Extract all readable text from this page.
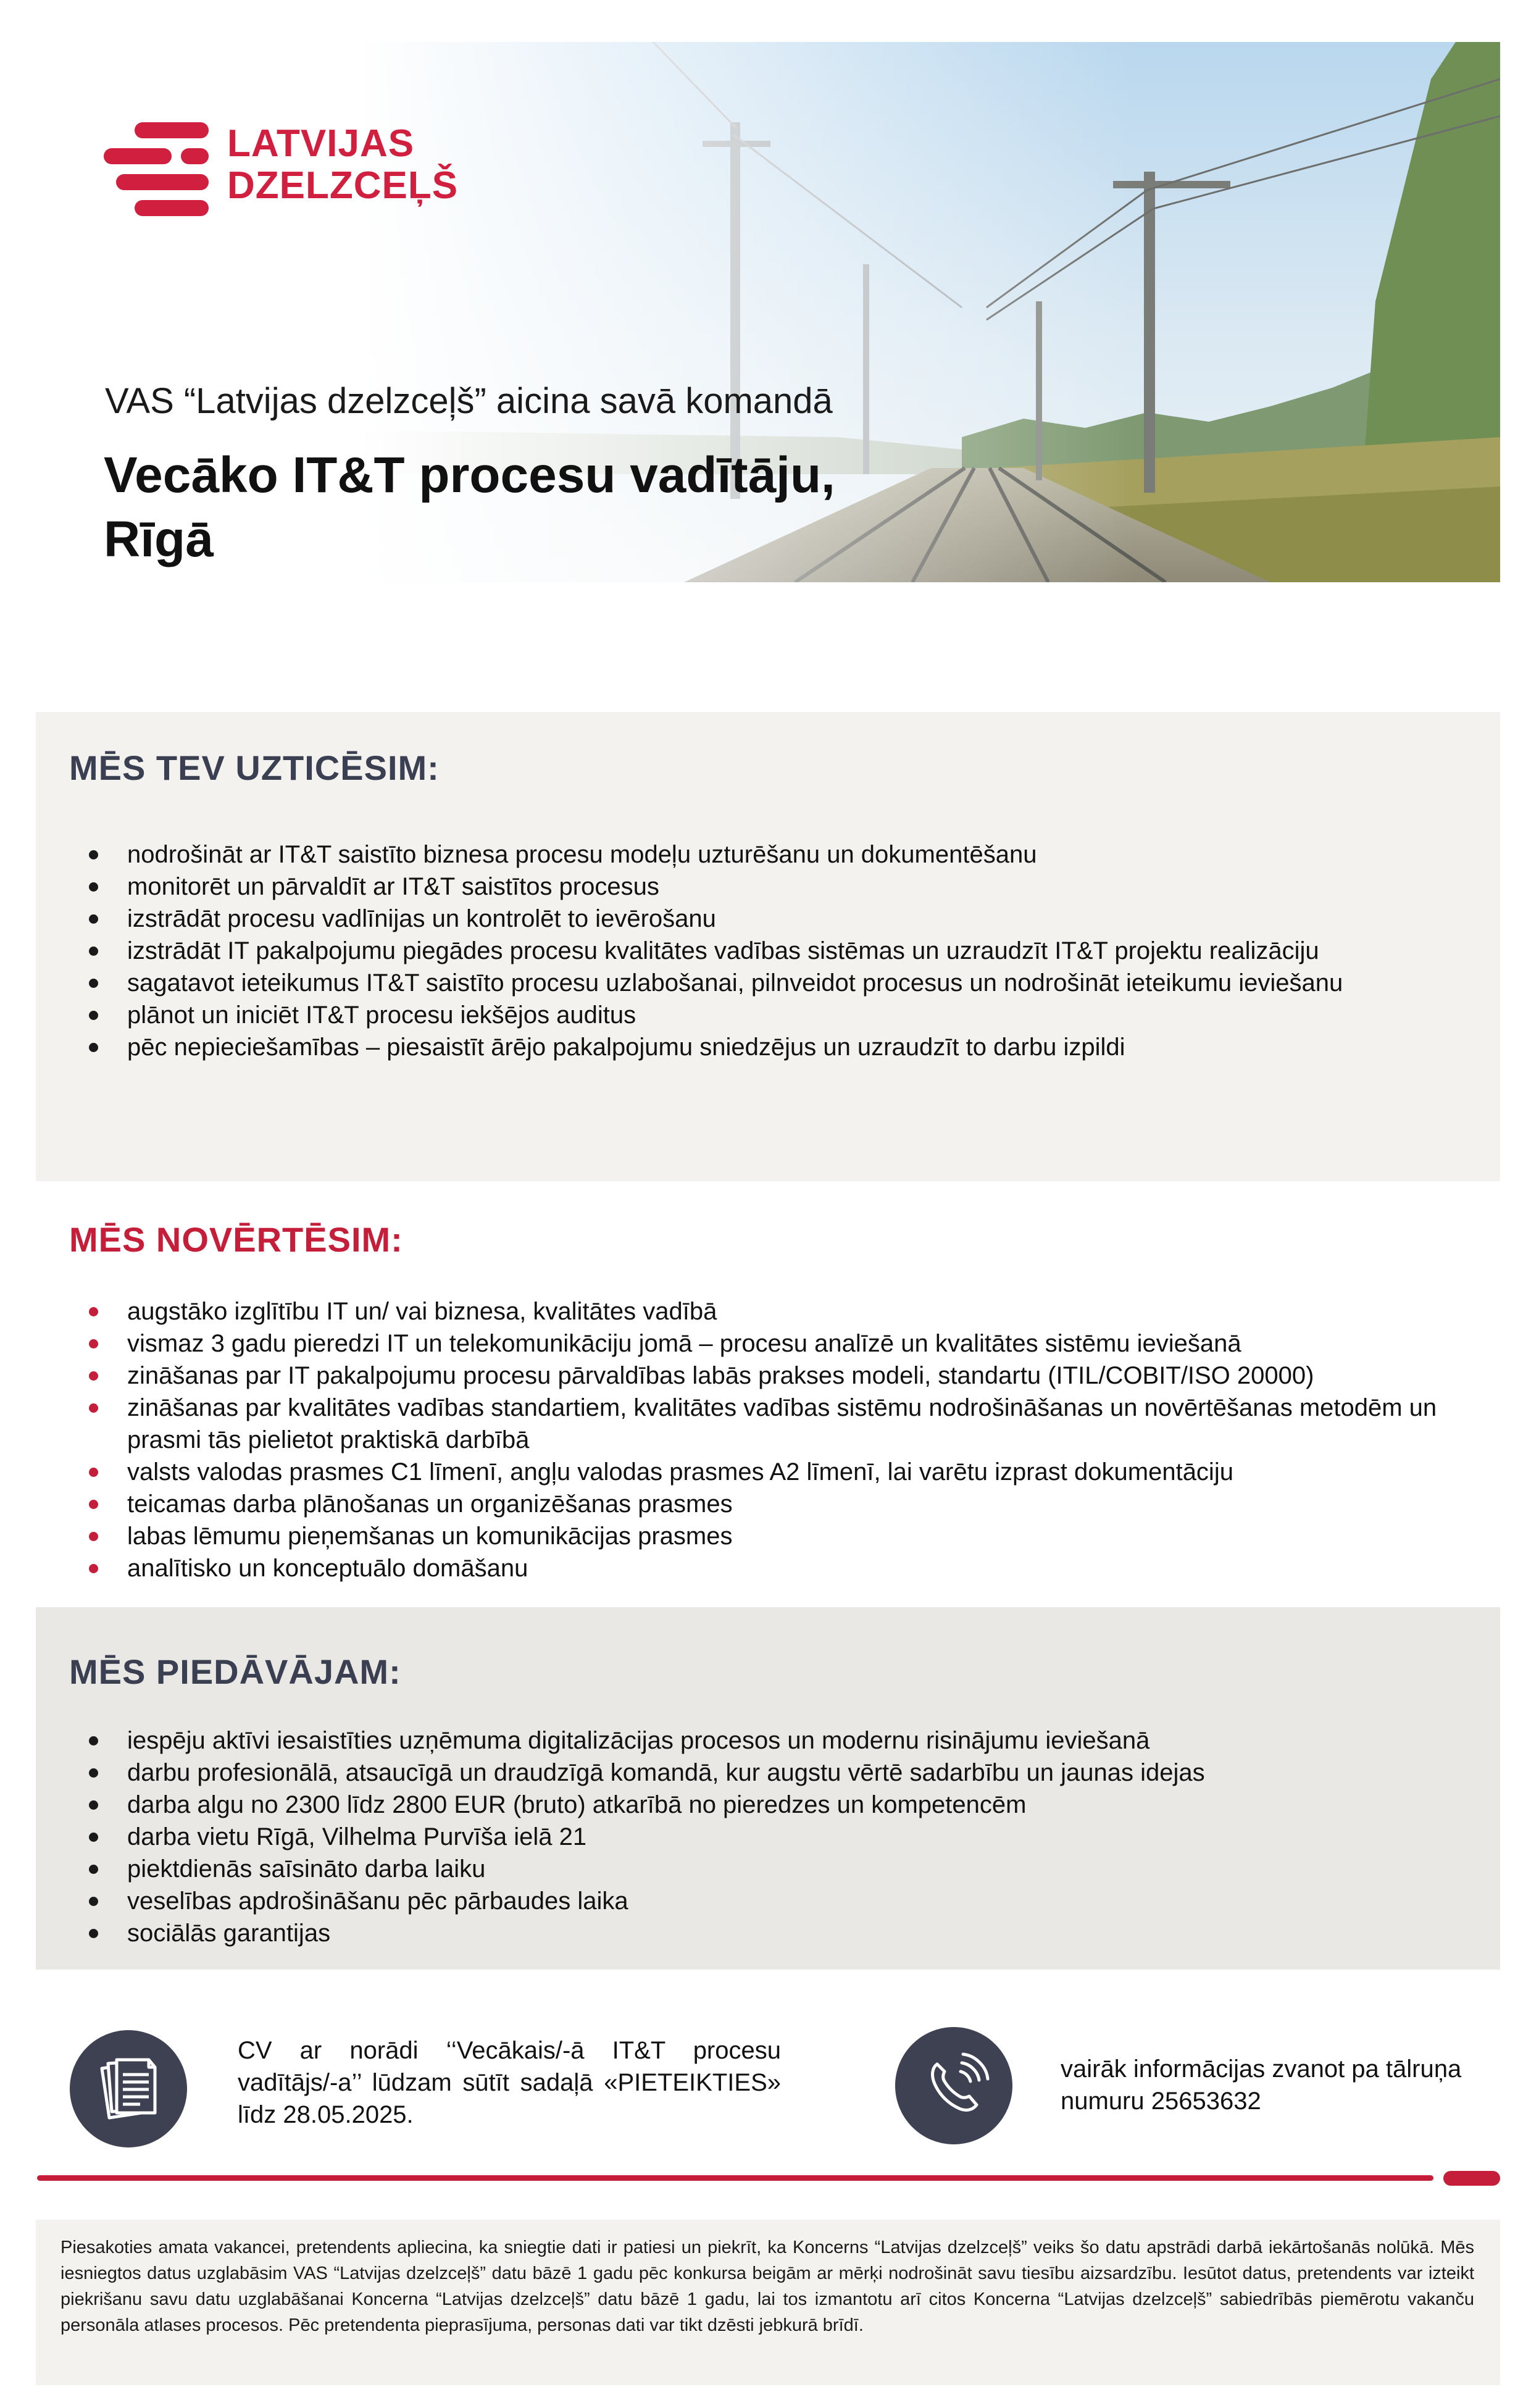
LATVIJAS
DZELZCEĻŠ
VAS “Latvijas dzelzceļš” aicina savā komandā
Vecāko IT&T procesu vadītāju,
Rīgā
MĒS TEV UZTICĒSIM:
nodrošināt ar IT&T saistīto biznesa procesu modeļu uzturēšanu un dokumentēšanu
monitorēt un pārvaldīt ar IT&T saistītos procesus
izstrādāt procesu vadlīnijas un kontrolēt to ievērošanu
izstrādāt IT pakalpojumu piegādes procesu kvalitātes vadības sistēmas un uzraudzīt IT&T projektu realizāciju
sagatavot ieteikumus IT&T saistīto procesu uzlabošanai, pilnveidot procesus un nodrošināt ieteikumu ieviešanu
plānot un iniciēt IT&T procesu iekšējos auditus
pēc nepieciešamības – piesaistīt ārējo pakalpojumu sniedzējus un uzraudzīt to darbu izpildi
MĒS NOVĒRTĒSIM:
augstāko izglītību IT un/ vai biznesa, kvalitātes vadībā
vismaz 3 gadu pieredzi IT un telekomunikāciju jomā – procesu analīzē un kvalitātes sistēmu ieviešanā
zināšanas par IT pakalpojumu procesu pārvaldības labās prakses modeli, standartu (ITIL/COBIT/ISO 20000)
zināšanas par kvalitātes vadības standartiem, kvalitātes vadības sistēmu nodrošināšanas un novērtēšanas metodēm un prasmi tās pielietot praktiskā darbībā
valsts valodas prasmes C1 līmenī, angļu valodas prasmes A2 līmenī, lai varētu izprast dokumentāciju
teicamas darba plānošanas un organizēšanas prasmes
labas lēmumu pieņemšanas un komunikācijas prasmes
analītisko un konceptuālo domāšanu
MĒS PIEDĀVĀJAM:
iespēju aktīvi iesaistīties uzņēmuma digitalizācijas procesos un modernu risinājumu ieviešanā
darbu profesionālā, atsaucīgā un draudzīgā komandā, kur augstu vērtē sadarbību un jaunas idejas
darba algu no 2300 līdz 2800 EUR (bruto) atkarībā no pieredzes un kompetencēm
darba vietu Rīgā, Vilhelma Purvīša ielā 21
piektdienās saīsināto darba laiku
veselības apdrošināšanu pēc pārbaudes laika
sociālās garantijas
CV ar norādi ‘‘Vecākais/-ā IT&T procesu vadītājs/-a’’ lūdzam sūtīt sadaļā «PIETEIKTIES» līdz 28.05.2025.
vairāk informācijas zvanot pa tālruņa numuru 25653632

Piesakoties amata vakancei, pretendents apliecina, ka sniegtie dati ir patiesi un piekrīt, ka Koncerns “Latvijas dzelzceļš” veiks šo datu apstrādi darbā iekārtošanās nolūkā. Mēs iesniegtos datus uzglabāsim VAS “Latvijas dzelzceļš” datu bāzē 1 gadu pēc konkursa beigām ar mērķi nodrošināt savu tiesību aizsardzību. Iesūtot datus, pretendents var izteikt piekrišanu savu datu uzglabāšanai Koncerna “Latvijas dzelzceļš” datu bāzē 1 gadu, lai tos izmantotu arī citos Koncerna “Latvijas dzelzceļš” sabiedrībās piemērotu vakanču personāla atlases procesos. Pēc pretendenta pieprasījuma, personas dati var tikt dzēsti jebkurā brīdī.
